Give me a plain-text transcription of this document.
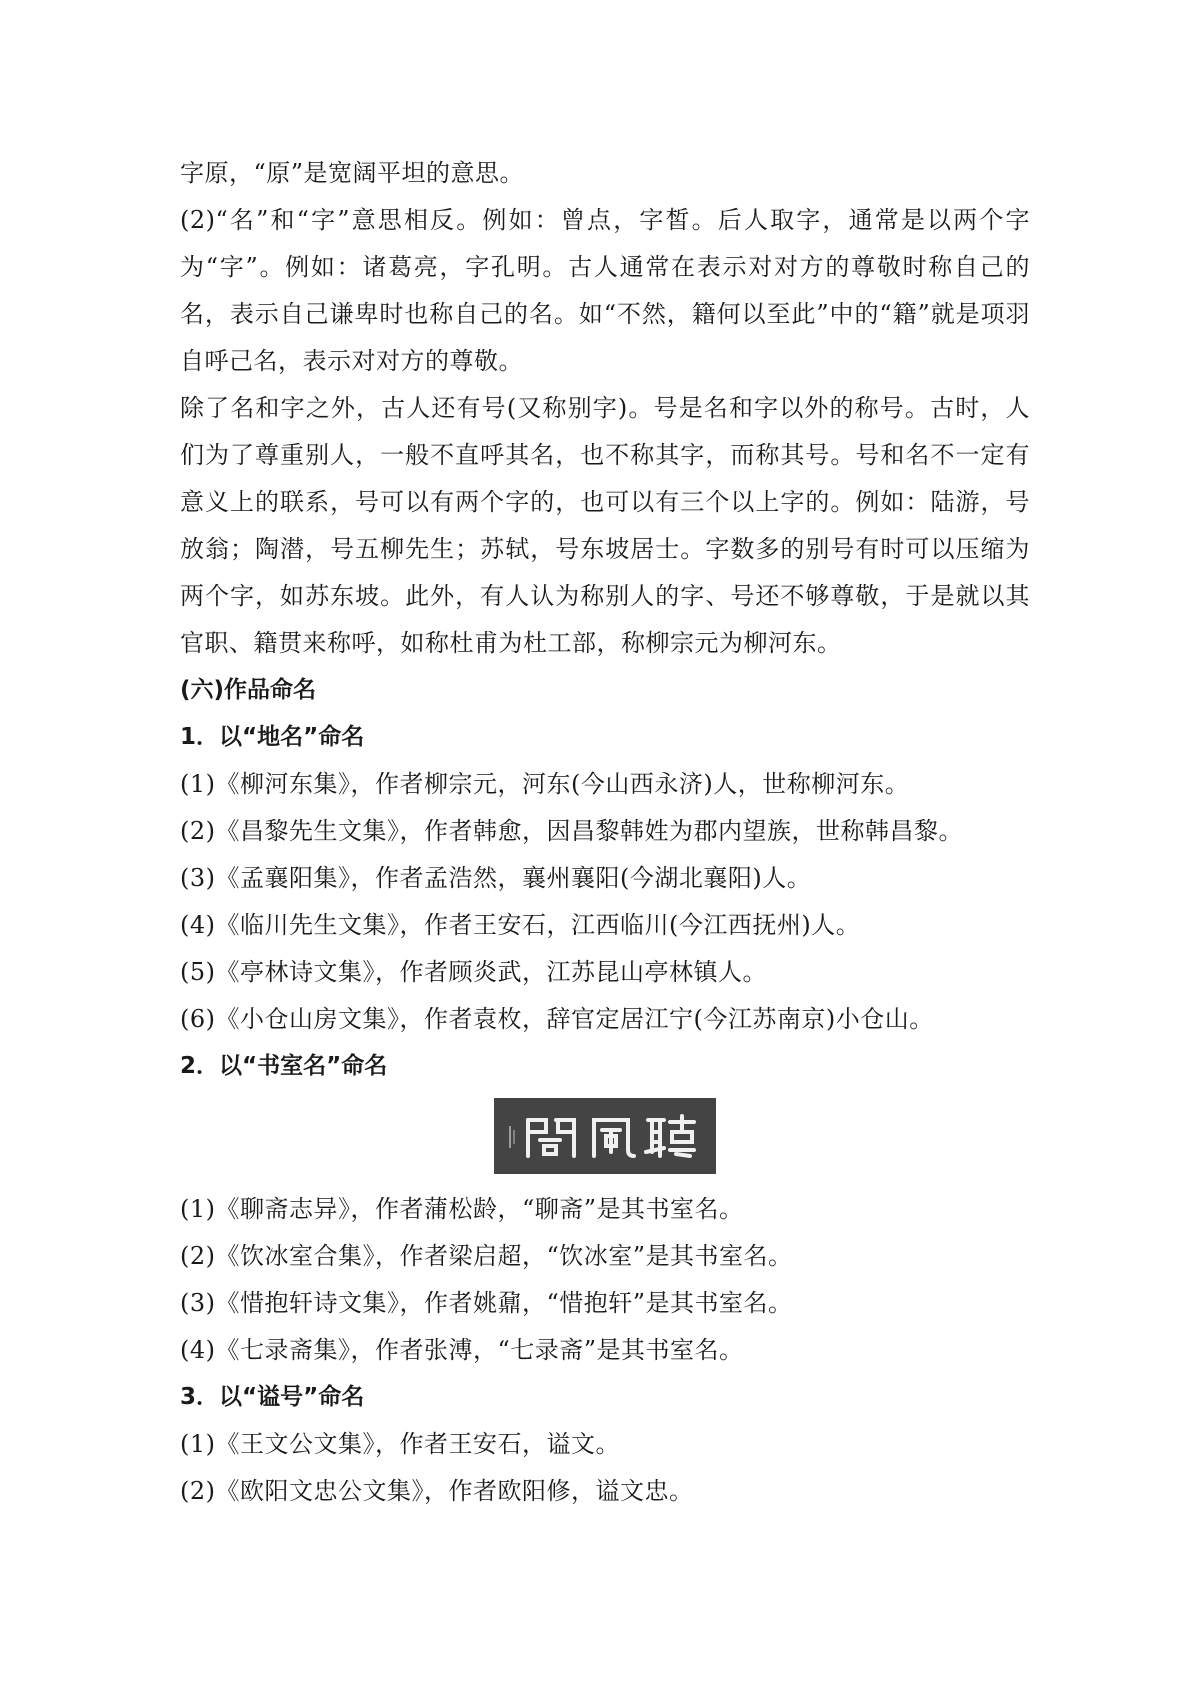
字原，“原”是宽阔平坦的意思。

(2)“名”和“字”意思相反。例如：曾点，字皙。后人取字，通常是以两个字为“字”。例如：诸葛亮，字孔明。古人通常在表示对对方的尊敬时称自己的名，表示自己谦卑时也称自己的名。如“不然，籍何以至此”中的“籍”就是项羽自呼己名，表示对对方的尊敬。

除了名和字之外，古人还有号(又称别字)。号是名和字以外的称号。古时，人们为了尊重别人，一般不直呼其名，也不称其字，而称其号。号和名不一定有意义上的联系，号可以有两个字的，也可以有三个以上字的。例如：陆游，号放翁；陶潜，号五柳先生；苏轼，号东坡居士。字数多的别号有时可以压缩为两个字，如苏东坡。此外，有人认为称别人的字、号还不够尊敬，于是就以其官职、籍贯来称呼，如称杜甫为杜工部，称柳宗元为柳河东。

(六)作品命名

1．以“地名”命名

(1)《柳河东集》，作者柳宗元，河东(今山西永济)人，世称柳河东。

(2)《昌黎先生文集》，作者韩愈，因昌黎韩姓为郡内望族，世称韩昌黎。

(3)《孟襄阳集》，作者孟浩然，襄州襄阳(今湖北襄阳)人。

(4)《临川先生文集》，作者王安石，江西临川(今江西抚州)人。

(5)《亭林诗文集》，作者顾炎武，江苏昆山亭林镇人。

(6)《小仓山房文集》，作者袁枚，辞官定居江宁(今江苏南京)小仓山。

2．以“书室名”命名

(1)《聊斋志异》，作者蒲松龄，“聊斋”是其书室名。

(2)《饮冰室合集》，作者梁启超，“饮冰室”是其书室名。

(3)《惜抱轩诗文集》，作者姚鼐，“惜抱轩”是其书室名。

(4)《七录斋集》，作者张溥，“七录斋”是其书室名。

3．以“谥号”命名

(1)《王文公文集》，作者王安石，谥文。

(2)《欧阳文忠公文集》，作者欧阳修，谥文忠。
